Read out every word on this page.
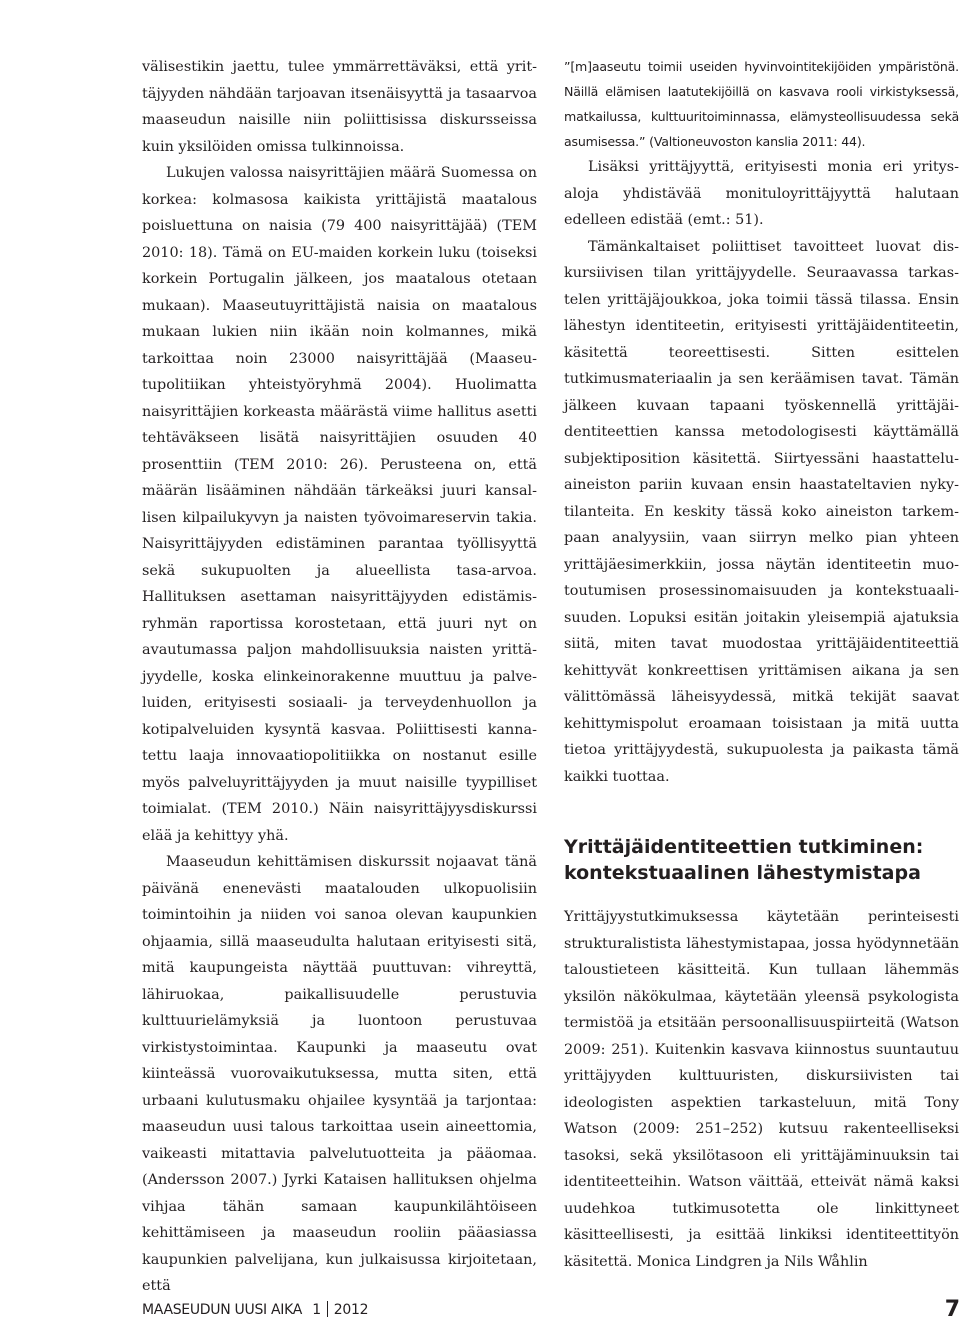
välisestikin jaettu, tulee ymmärrettäväksi, että yrittäjyyden nähdään tarjoavan itsenäisyyttä ja tasaarvoa maaseudun naisille niin poliittisissa diskursseissa kuin yksilöiden omissa tulkinnoissa.

Lukujen valossa naisyrittäjien määrä Suomessa on korkea: kolmasosa kaikista yrittäjistä maatalous poisluettuna on naisia (79 400 naisyrittäjää) (TEM 2010: 18). Tämä on EU-maiden korkein luku (toiseksi korkein Portugalin jälkeen, jos maatalous otetaan mukaan). Maaseutuyrittäjistä naisia on maatalous mukaan lukien niin ikään noin kolmannes, mikä tarkoittaa noin 23000 naisyrittäjää (Maaseutupolitiikan yhteistyöryhmä 2004). Huolimatta naisyrittäjien korkeasta määrästä viime hallitus asetti tehtäväkseen lisätä naisyrittäjien osuuden 40 prosenttiin (TEM 2010: 26). Perusteena on, että määrän lisääminen nähdään tärkeäksi juuri kansallisen kilpailukyvyn ja naisten työvoimareservin takia. Naisyrittäjyyden edistäminen parantaa työllisyyttä sekä sukupuolten ja alueellista tasa-arvoa. Hallituksen asettaman naisyrittäjyyden edistämisryhmän raportissa korostetaan, että juuri nyt on avautumassa paljon mahdollisuuksia naisten yrittäjyydelle, koska elinkeinorakenne muuttuu ja palveluiden, erityisesti sosiaali- ja terveydenhuollon ja kotipalveluiden kysyntä kasvaa. Poliittisesti kannatettu laaja innovaatiopolitiikka on nostanut esille myös palveluyrittäjyyden ja muut naisille tyypilliset toimialat. (TEM 2010.) Näin naisyrittäjyysdiskurssi elää ja kehittyy yhä.

Maaseudun kehittämisen diskurssit nojaavat tänä päivänä enenevästi maatalouden ulkopuolisiin toimintoihin ja niiden voi sanoa olevan kaupunkien ohjaamia, sillä maaseudulta halutaan erityisesti sitä, mitä kaupungeista näyttää puuttuvan: vihreyttä, lähiruokaa, paikallisuudelle perustuvia kulttuurielämyksiä ja luontoon perustuvaa virkistystoimintaa. Kaupunki ja maaseutu ovat kiinteässä vuorovaikutuksessa, mutta siten, että urbaani kulutusmaku ohjailee kysyntää ja tarjontaa: maaseudun uusi talous tarkoittaa usein aineettomia, vaikeasti mitattavia palvelutuotteita ja pääomaa. (Andersson 2007.) Jyrki Kataisen hallituksen ohjelma vihjaa tähän samaan kaupunkilähtöiseen kehittämiseen ja maaseudun rooliin pääasiassa kaupunkien palvelijana, kun julkaisussa kirjoitetaan, että

”[m]aaseutu toimii useiden hyvinvointitekijöiden ympäristönä. Näillä elämisen laatutekijöillä on kasvava rooli virkistyksessä, matkailussa, kulttuuritoiminnassa, elämysteollisuudessa sekä asumisessa.” (Valtioneuvoston kanslia 2011: 44).

Lisäksi yrittäjyyttä, erityisesti monia eri yritysaloja yhdistävää monituloyrittäjyyttä halutaan edelleen edistää (emt.: 51).

Tämänkaltaiset poliittiset tavoitteet luovat diskursiivisen tilan yrittäjyydelle. Seuraavassa tarkastelen yrittäjäjoukkoa, joka toimii tässä tilassa. Ensin lähestyn identiteetin, erityisesti yrittäjäidentiteetin, käsitettä teoreettisesti. Sitten esittelen tutkimusmateriaalin ja sen keräämisen tavat. Tämän jälkeen kuvaan tapaani työskennellä yrittäjäidentiteettien kanssa metodologisesti käyttämällä subjektiposition käsitettä. Siirtyessäni haastatteluaineiston pariin kuvaan ensin haastateltavien nykytilanteita. En keskity tässä koko aineiston tarkempaan analyysiin, vaan siirryn melko pian yhteen yrittäjäesimerkkiin, jossa näytän identiteetin muotoutumisen prosessinomaisuuden ja kontekstuaalisuuden. Lopuksi esitän joitakin yleisempiä ajatuksia siitä, miten tavat muodostaa yrittäjäidentiteettiä kehittyvät konkreettisen yrittämisen aikana ja sen välittömässä läheisyydessä, mitkä tekijät saavat kehittymispolut eroamaan toisistaan ja mitä uutta tietoa yrittäjyydestä, sukupuolesta ja paikasta tämä kaikki tuottaa.

Yrittäjäidentiteettien tutkiminen: kontekstuaalinen lähestymistapa

Yrittäjyystutkimuksessa käytetään perinteisesti strukturalistista lähestymistapaa, jossa hyödynnetään taloustieteen käsitteitä. Kun tullaan lähemmäs yksilön näkökulmaa, käytetään yleensä psykologista termistöä ja etsitään persoonallisuuspiirteitä (Watson 2009: 251). Kuitenkin kasvava kiinnostus suuntautuu yrittäjyyden kulttuuristen, diskursiivisten tai ideologisten aspektien tarkasteluun, mitä Tony Watson (2009: 251–252) kutsuu rakenteelliseksi tasoksi, sekä yksilötasoon eli yrittäjäminuuksin tai identiteetteihin. Watson väittää, etteivät nämä kaksi uudehkoa tutkimusotetta ole linkittyneet käsitteellisesti, ja esittää linkiksi identiteettityön käsitettä. Monica Lindgren ja Nils Wåhlin

MAASEUDUN UUSI AIKA 1 2012	7
